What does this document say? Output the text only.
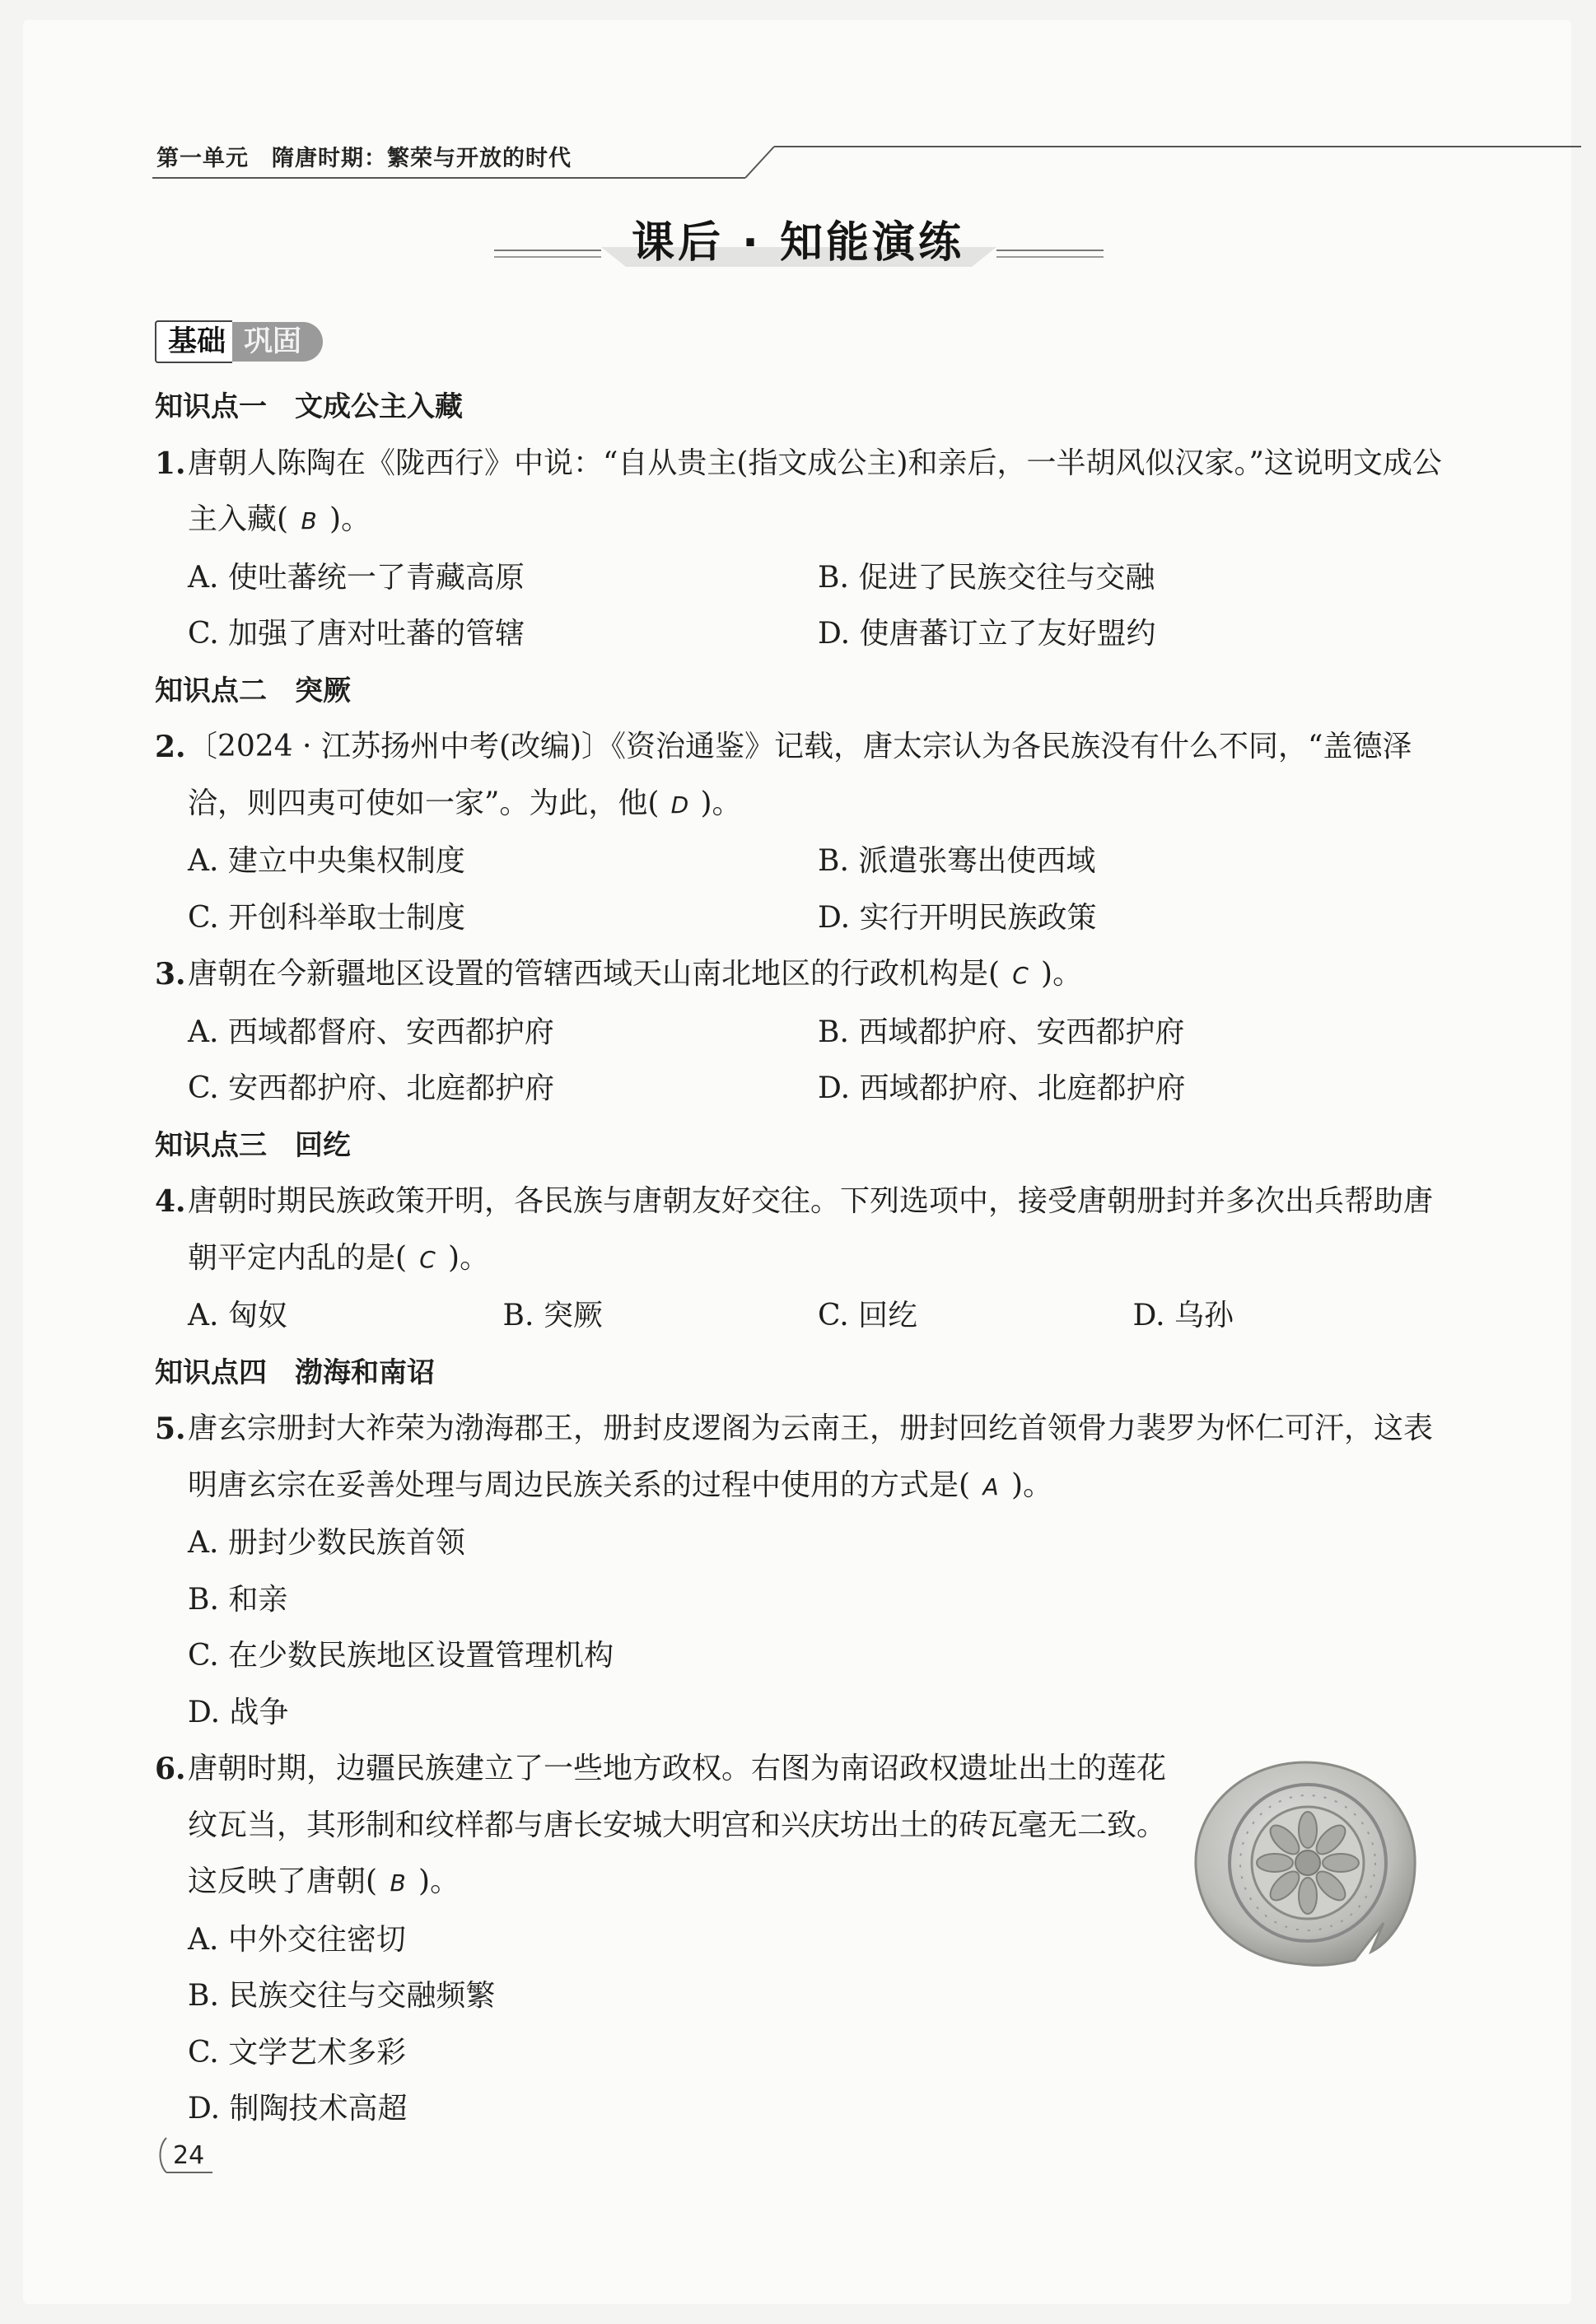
第一单元　隋唐时期：繁荣与开放的时代
课后 · 知能演练
基础 巩固
知识点一　文成公主入藏
1. 唐朝人陈陶在《陇西行》中说：“自从贵主(指文成公主)和亲后，一半胡风似汉家。”这说明文成公主入藏( B )。
A. 使吐蕃统一了青藏高原	B. 促进了民族交往与交融
C. 加强了唐对吐蕃的管辖	D. 使唐蕃订立了友好盟约
知识点二　突厥
2. 〔2024 · 江苏扬州中考(改编)〕《资治通鉴》记载，唐太宗认为各民族没有什么不同，“盖德泽洽，则四夷可使如一家”。为此，他( D )。
A. 建立中央集权制度	B. 派遣张骞出使西域
C. 开创科举取士制度	D. 实行开明民族政策
3. 唐朝在今新疆地区设置的管辖西域天山南北地区的行政机构是( C )。
A. 西域都督府、安西都护府	B. 西域都护府、安西都护府
C. 安西都护府、北庭都护府	D. 西域都护府、北庭都护府
知识点三　回纥
4. 唐朝时期民族政策开明，各民族与唐朝友好交往。下列选项中，接受唐朝册封并多次出兵帮助唐朝平定内乱的是( C )。
A. 匈奴	B. 突厥	C. 回纥	D. 乌孙
知识点四　渤海和南诏
5. 唐玄宗册封大祚荣为渤海郡王，册封皮逻阁为云南王，册封回纥首领骨力裴罗为怀仁可汗，这表明唐玄宗在妥善处理与周边民族关系的过程中使用的方式是( A )。
A. 册封少数民族首领
B. 和亲
C. 在少数民族地区设置管理机构
D. 战争
6. 唐朝时期，边疆民族建立了一些地方政权。右图为南诏政权遗址出土的莲花纹瓦当，其形制和纹样都与唐长安城大明宫和兴庆坊出土的砖瓦毫无二致。这反映了唐朝( B )。
A. 中外交往密切
B. 民族交往与交融频繁
C. 文学艺术多彩
D. 制陶技术高超
24
